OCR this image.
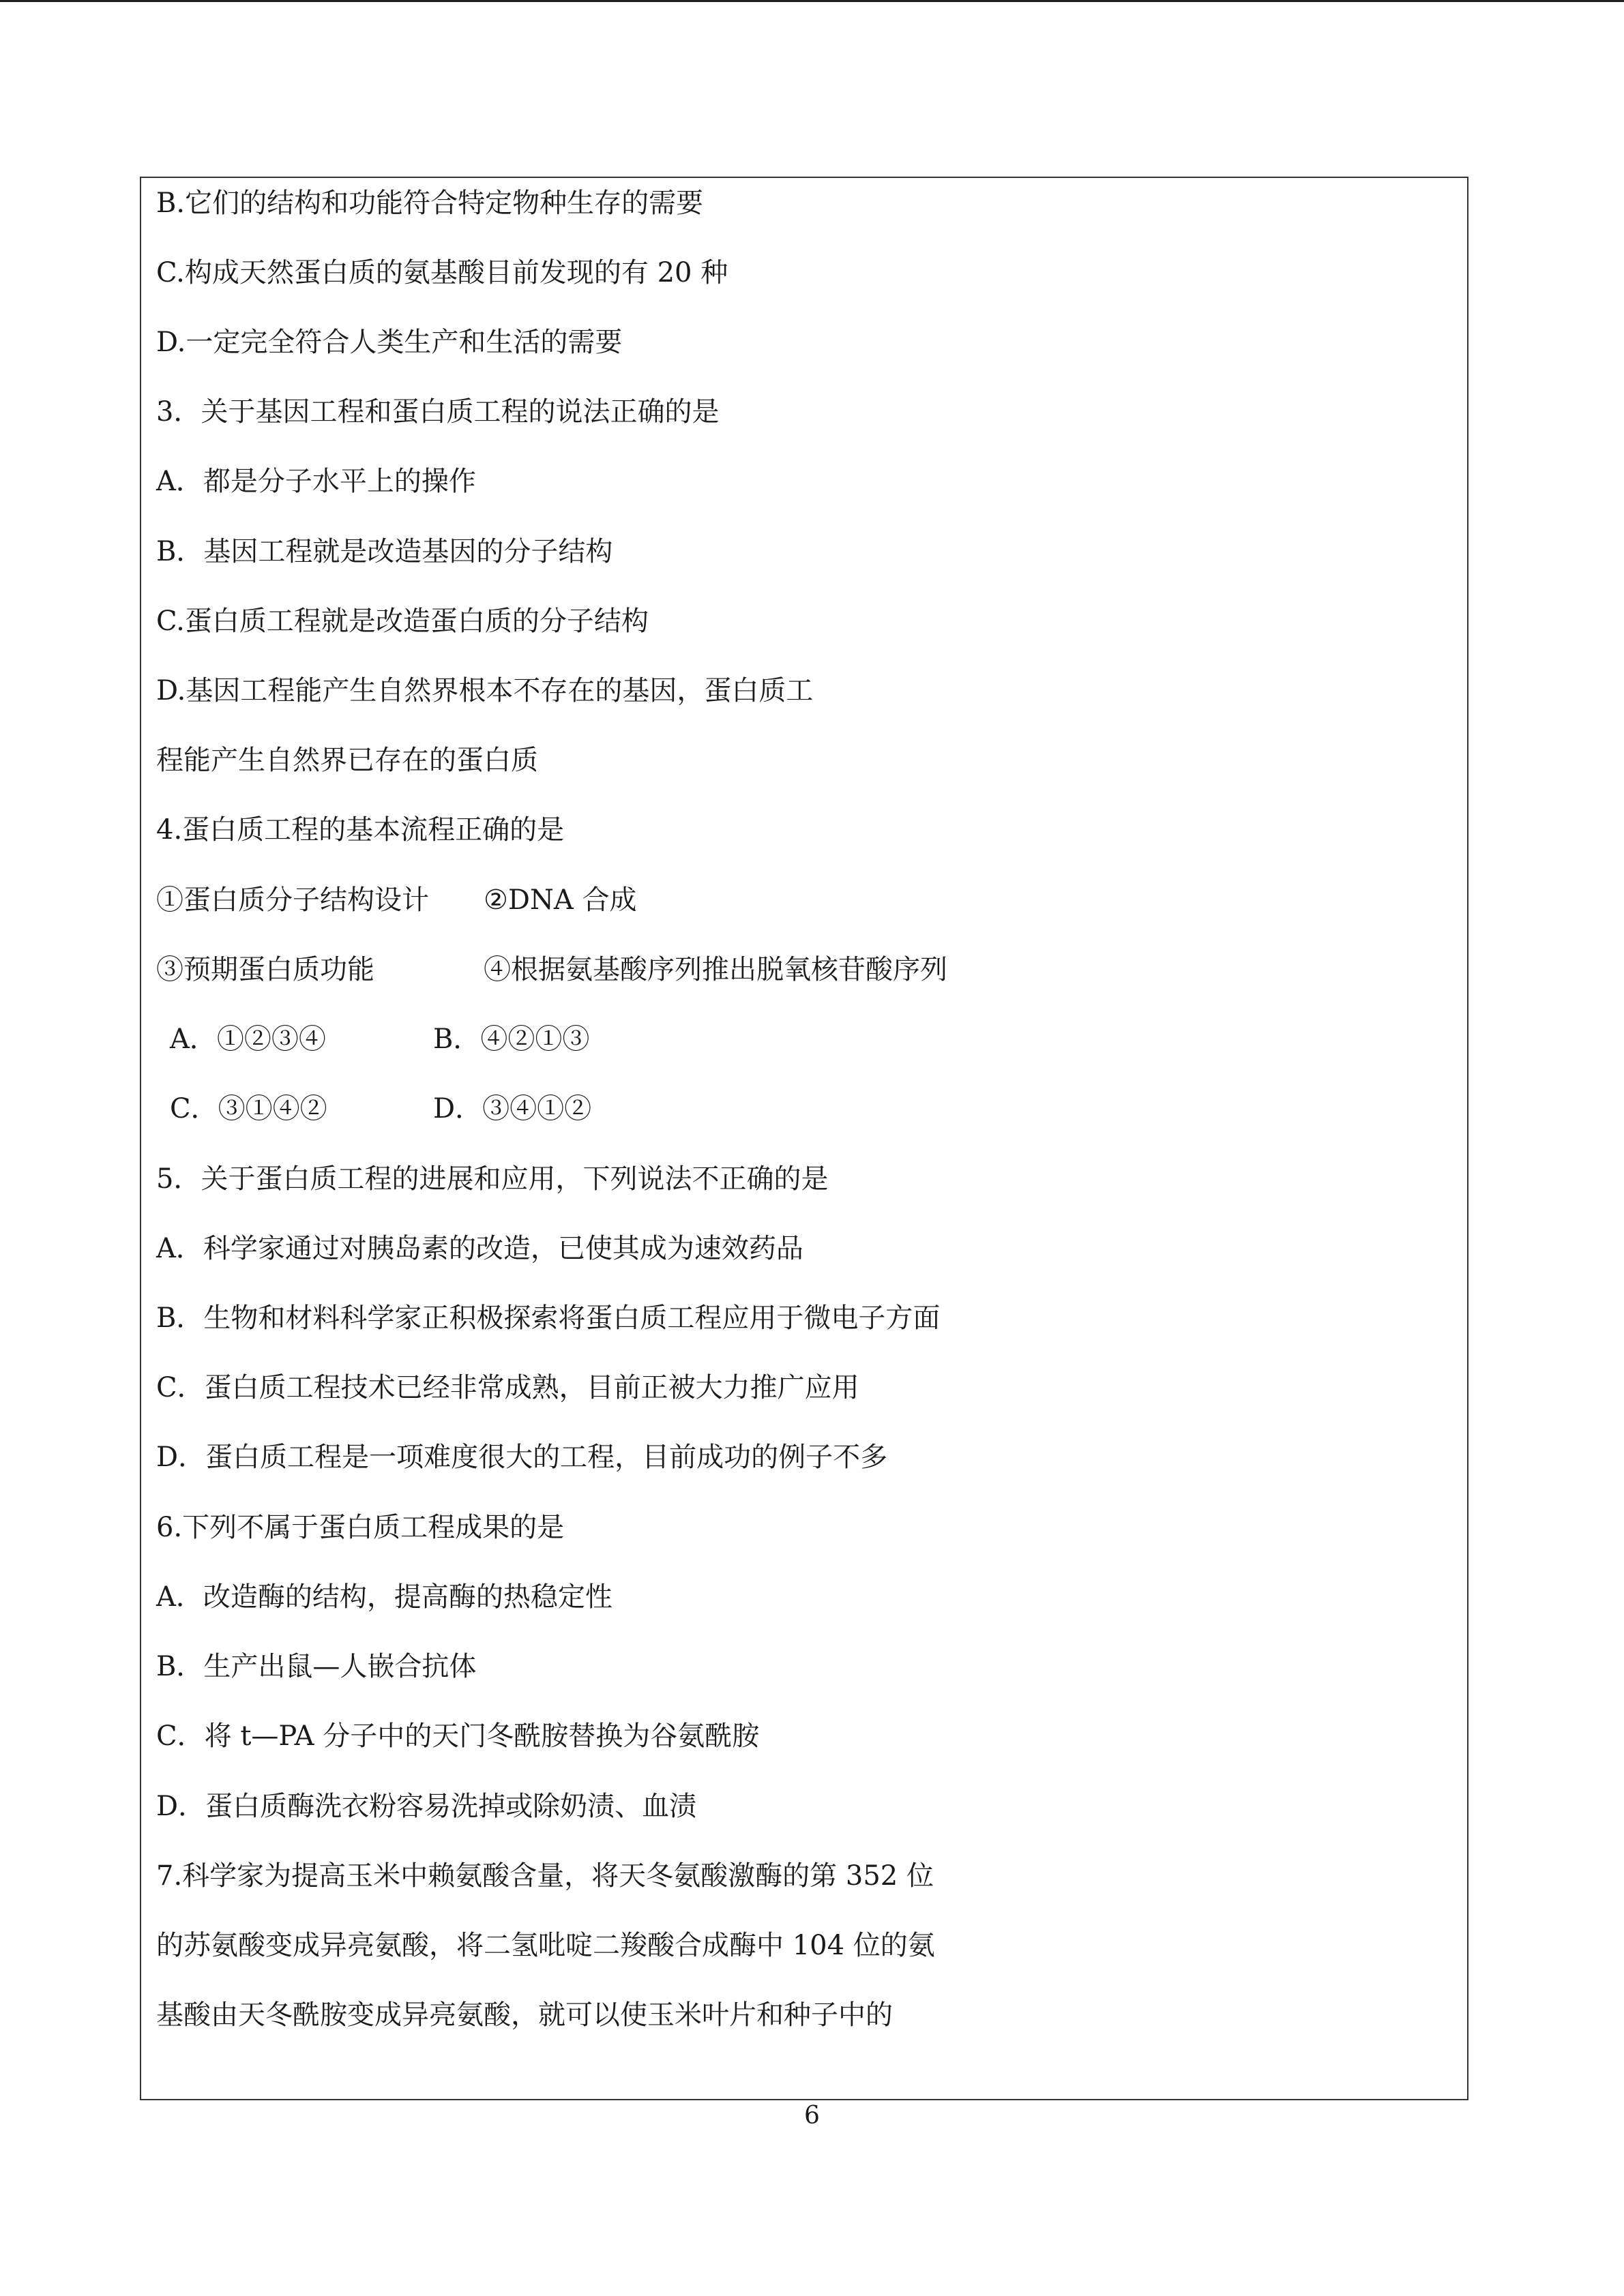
B.它们的结构和功能符合特定物种生存的需要
C.构成天然蛋白质的氨基酸目前发现的有 20 种
D.一定完全符合人类生产和生活的需要
3．关于基因工程和蛋白质工程的说法正确的是
A．都是分子水平上的操作
B．基因工程就是改造基因的分子结构
C.蛋白质工程就是改造蛋白质的分子结构
D.基因工程能产生自然界根本不存在的基因，蛋白质工
程能产生自然界已存在的蛋白质
4.蛋白质工程的基本流程正确的是
①蛋白质分子结构设计 ②DNA 合成
③预期蛋白质功能	④根据氨基酸序列推出脱氧核苷酸序列
A．①②③④	B．④②①③
C．③①④②	D．③④①②
5．关于蛋白质工程的进展和应用，下列说法不正确的是
A．科学家通过对胰岛素的改造，已使其成为速效药品
B．生物和材料科学家正积极探索将蛋白质工程应用于微电子方面
C．蛋白质工程技术已经非常成熟，目前正被大力推广应用
D．蛋白质工程是一项难度很大的工程，目前成功的例子不多
6.下列不属于蛋白质工程成果的是
A．改造酶的结构，提高酶的热稳定性
B．生产出鼠—人嵌合抗体
C．将 t—PA 分子中的天门冬酰胺替换为谷氨酰胺
D．蛋白质酶洗衣粉容易洗掉或除奶渍、血渍
7.科学家为提高玉米中赖氨酸含量，将天冬氨酸激酶的第 352 位
的苏氨酸变成异亮氨酸，将二氢吡啶二羧酸合成酶中 104 位的氨
基酸由天冬酰胺变成异亮氨酸，就可以使玉米叶片和种子中的
6
